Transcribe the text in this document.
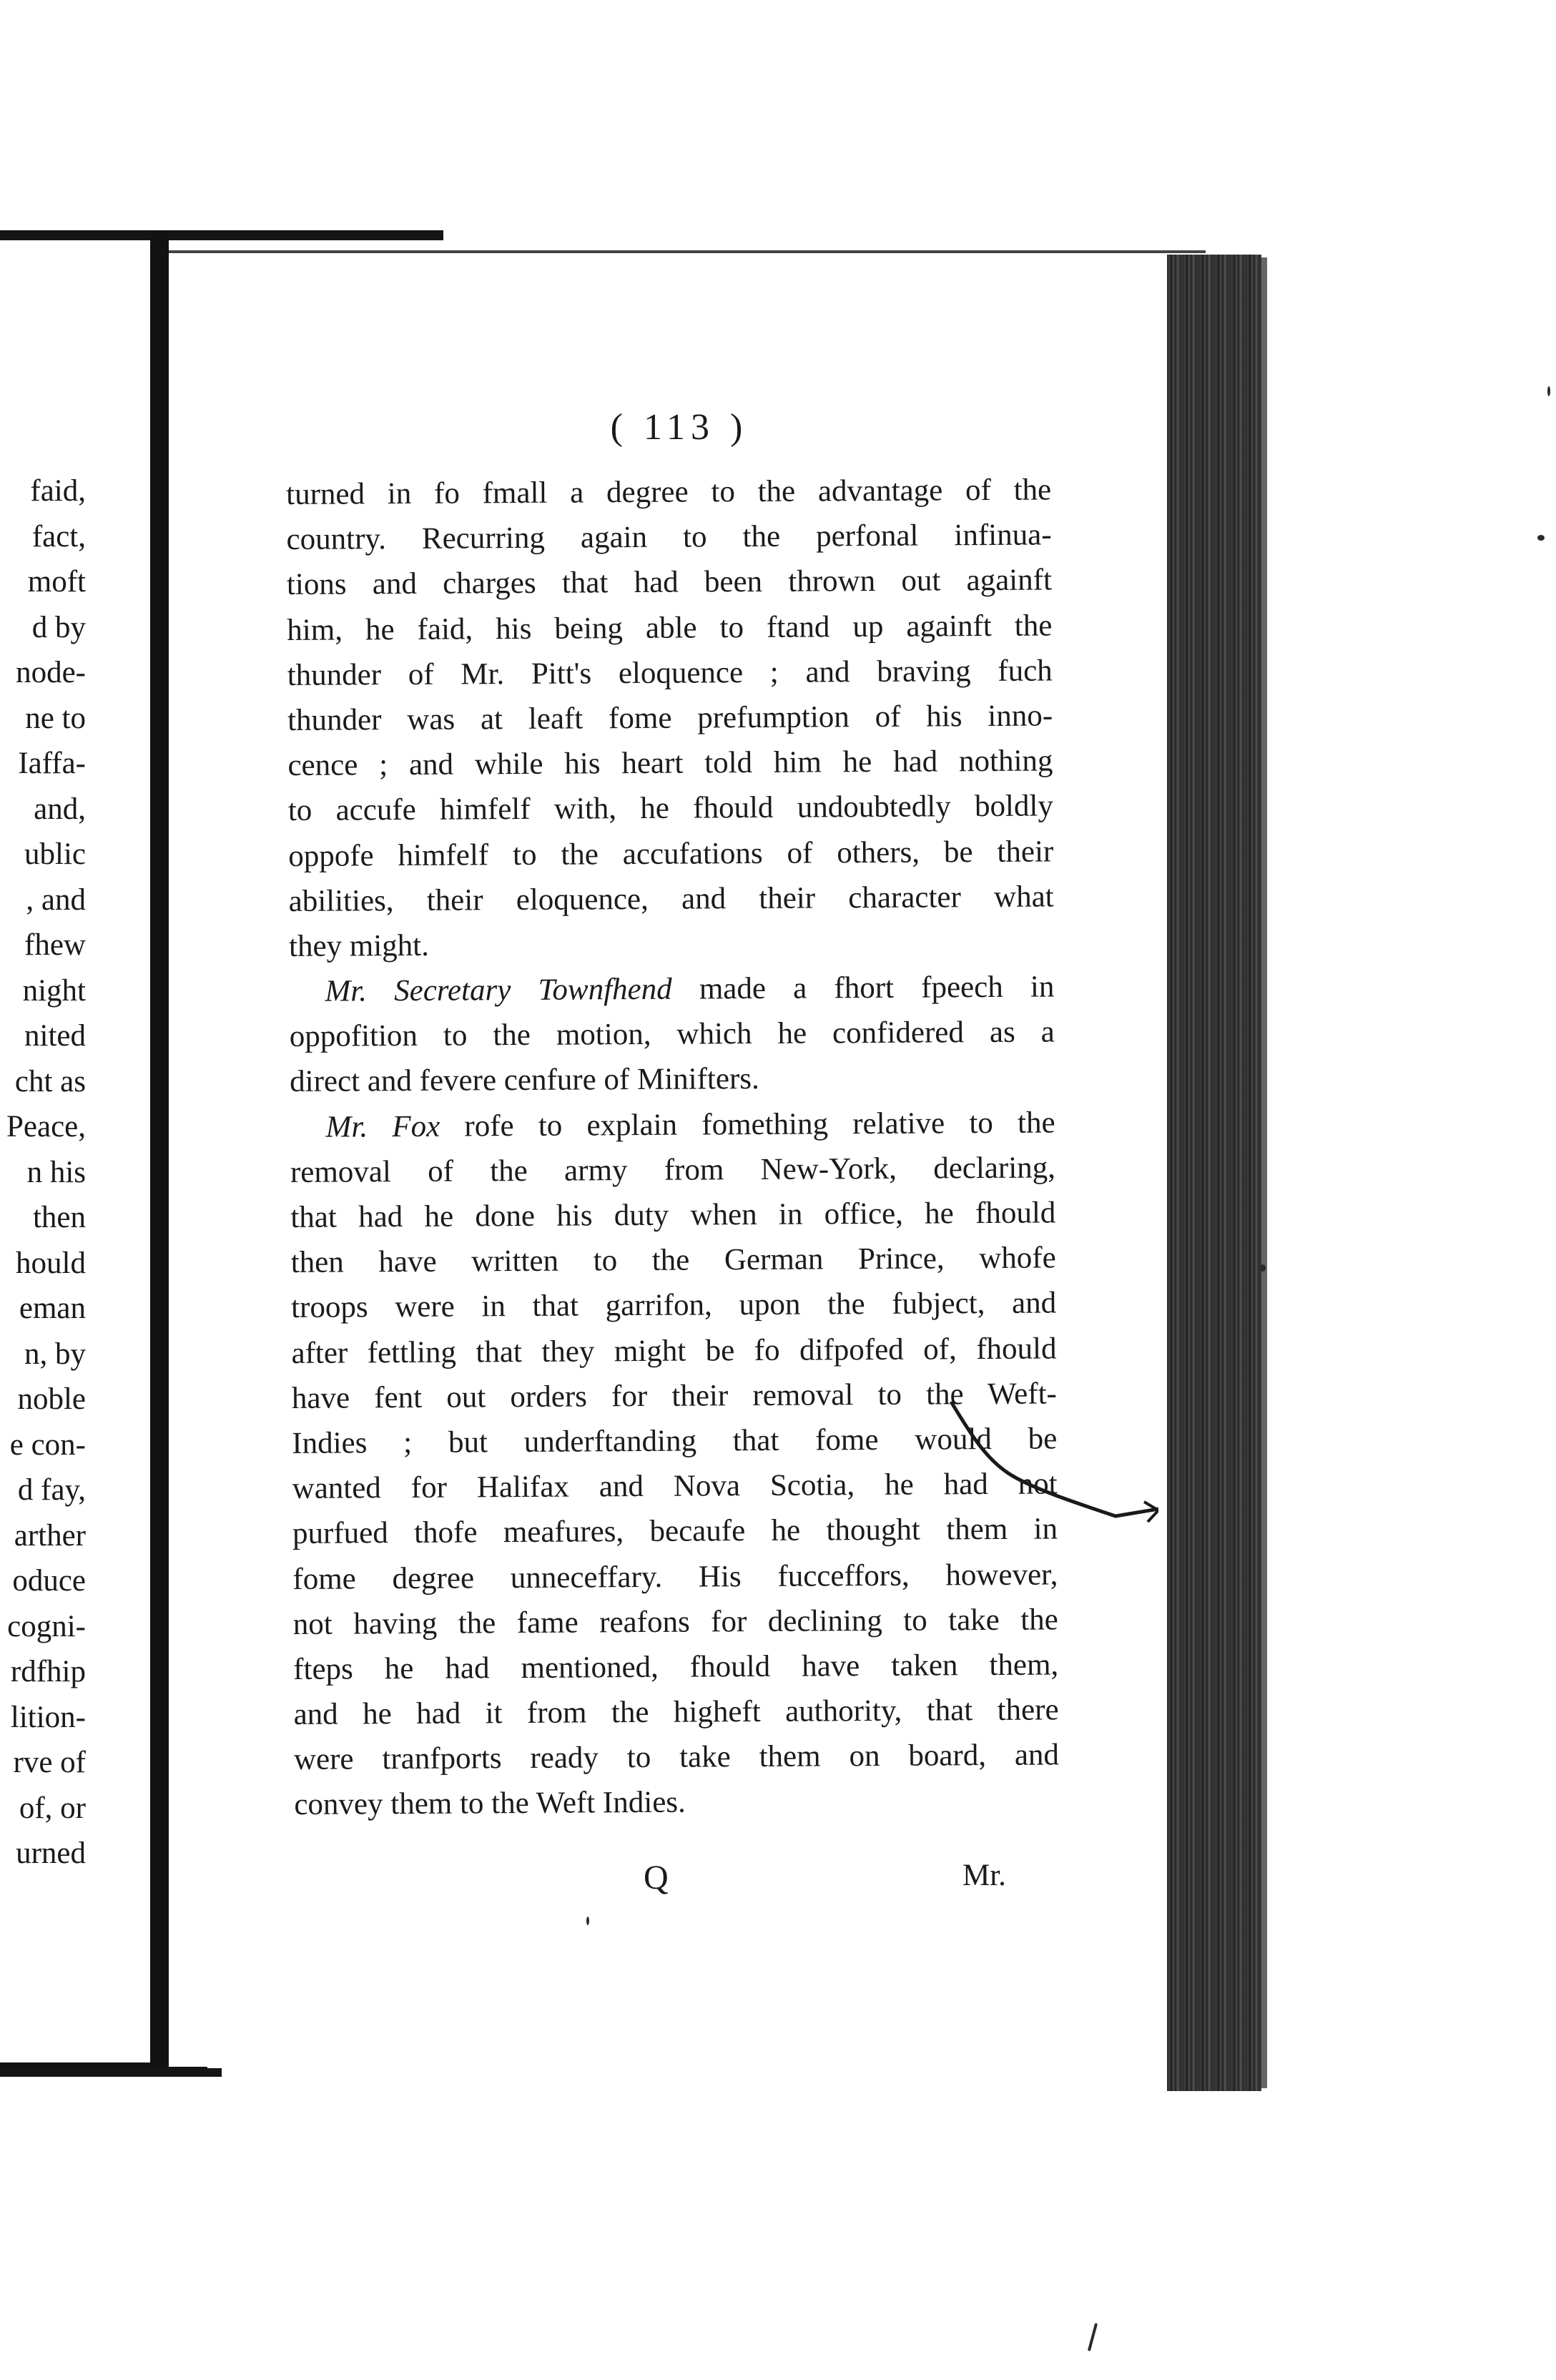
faid,
fact,
moft
d by
node-
ne to
Iaffa-
and,
ublic
, and
fhew
night
nited
cht as
Peace,
n his
then
hould
eman
n, by
noble
e con-
d fay,
arther
oduce
cogni-
rdfhip
lition-
rve of
of, or
urned
( 113 )
turned in fo fmall a degree to the advantage of the
country. Recurring again to the perfonal infinua-
tions and charges that had been thrown out againft
him, he faid, his being able to ftand up againft the
thunder of Mr. Pitt's eloquence ; and braving fuch
thunder was at leaft fome prefumption of his inno-
cence ; and while his heart told him he had nothing
to accufe himfelf with, he fhould undoubtedly boldly
oppofe himfelf to the accufations of others, be their
abilities, their eloquence, and their character what
they might.
Mr. Secretary Townfhend made a fhort fpeech in
oppofition to the motion, which he confidered as a
direct and fevere cenfure of Minifters.
Mr. Fox rofe to explain fomething relative to the
removal of the army from New-York, declaring,
that had he done his duty when in office, he fhould
then have written to the German Prince, whofe
troops were in that garrifon, upon the fubject, and
after fettling that they might be fo difpofed of, fhould
have fent out orders for their removal to the Weft-
Indies ; but underftanding that fome would be
wanted for Halifax and Nova Scotia, he had not
purfued thofe meafures, becaufe he thought them in
fome degree unneceffary. His fucceffors, however,
not having the fame reafons for declining to take the
fteps he had mentioned, fhould have taken them,
and he had it from the higheft authority, that there
were tranfports ready to take them on board, and
convey them to the Weft Indies.
Q	Mr.
